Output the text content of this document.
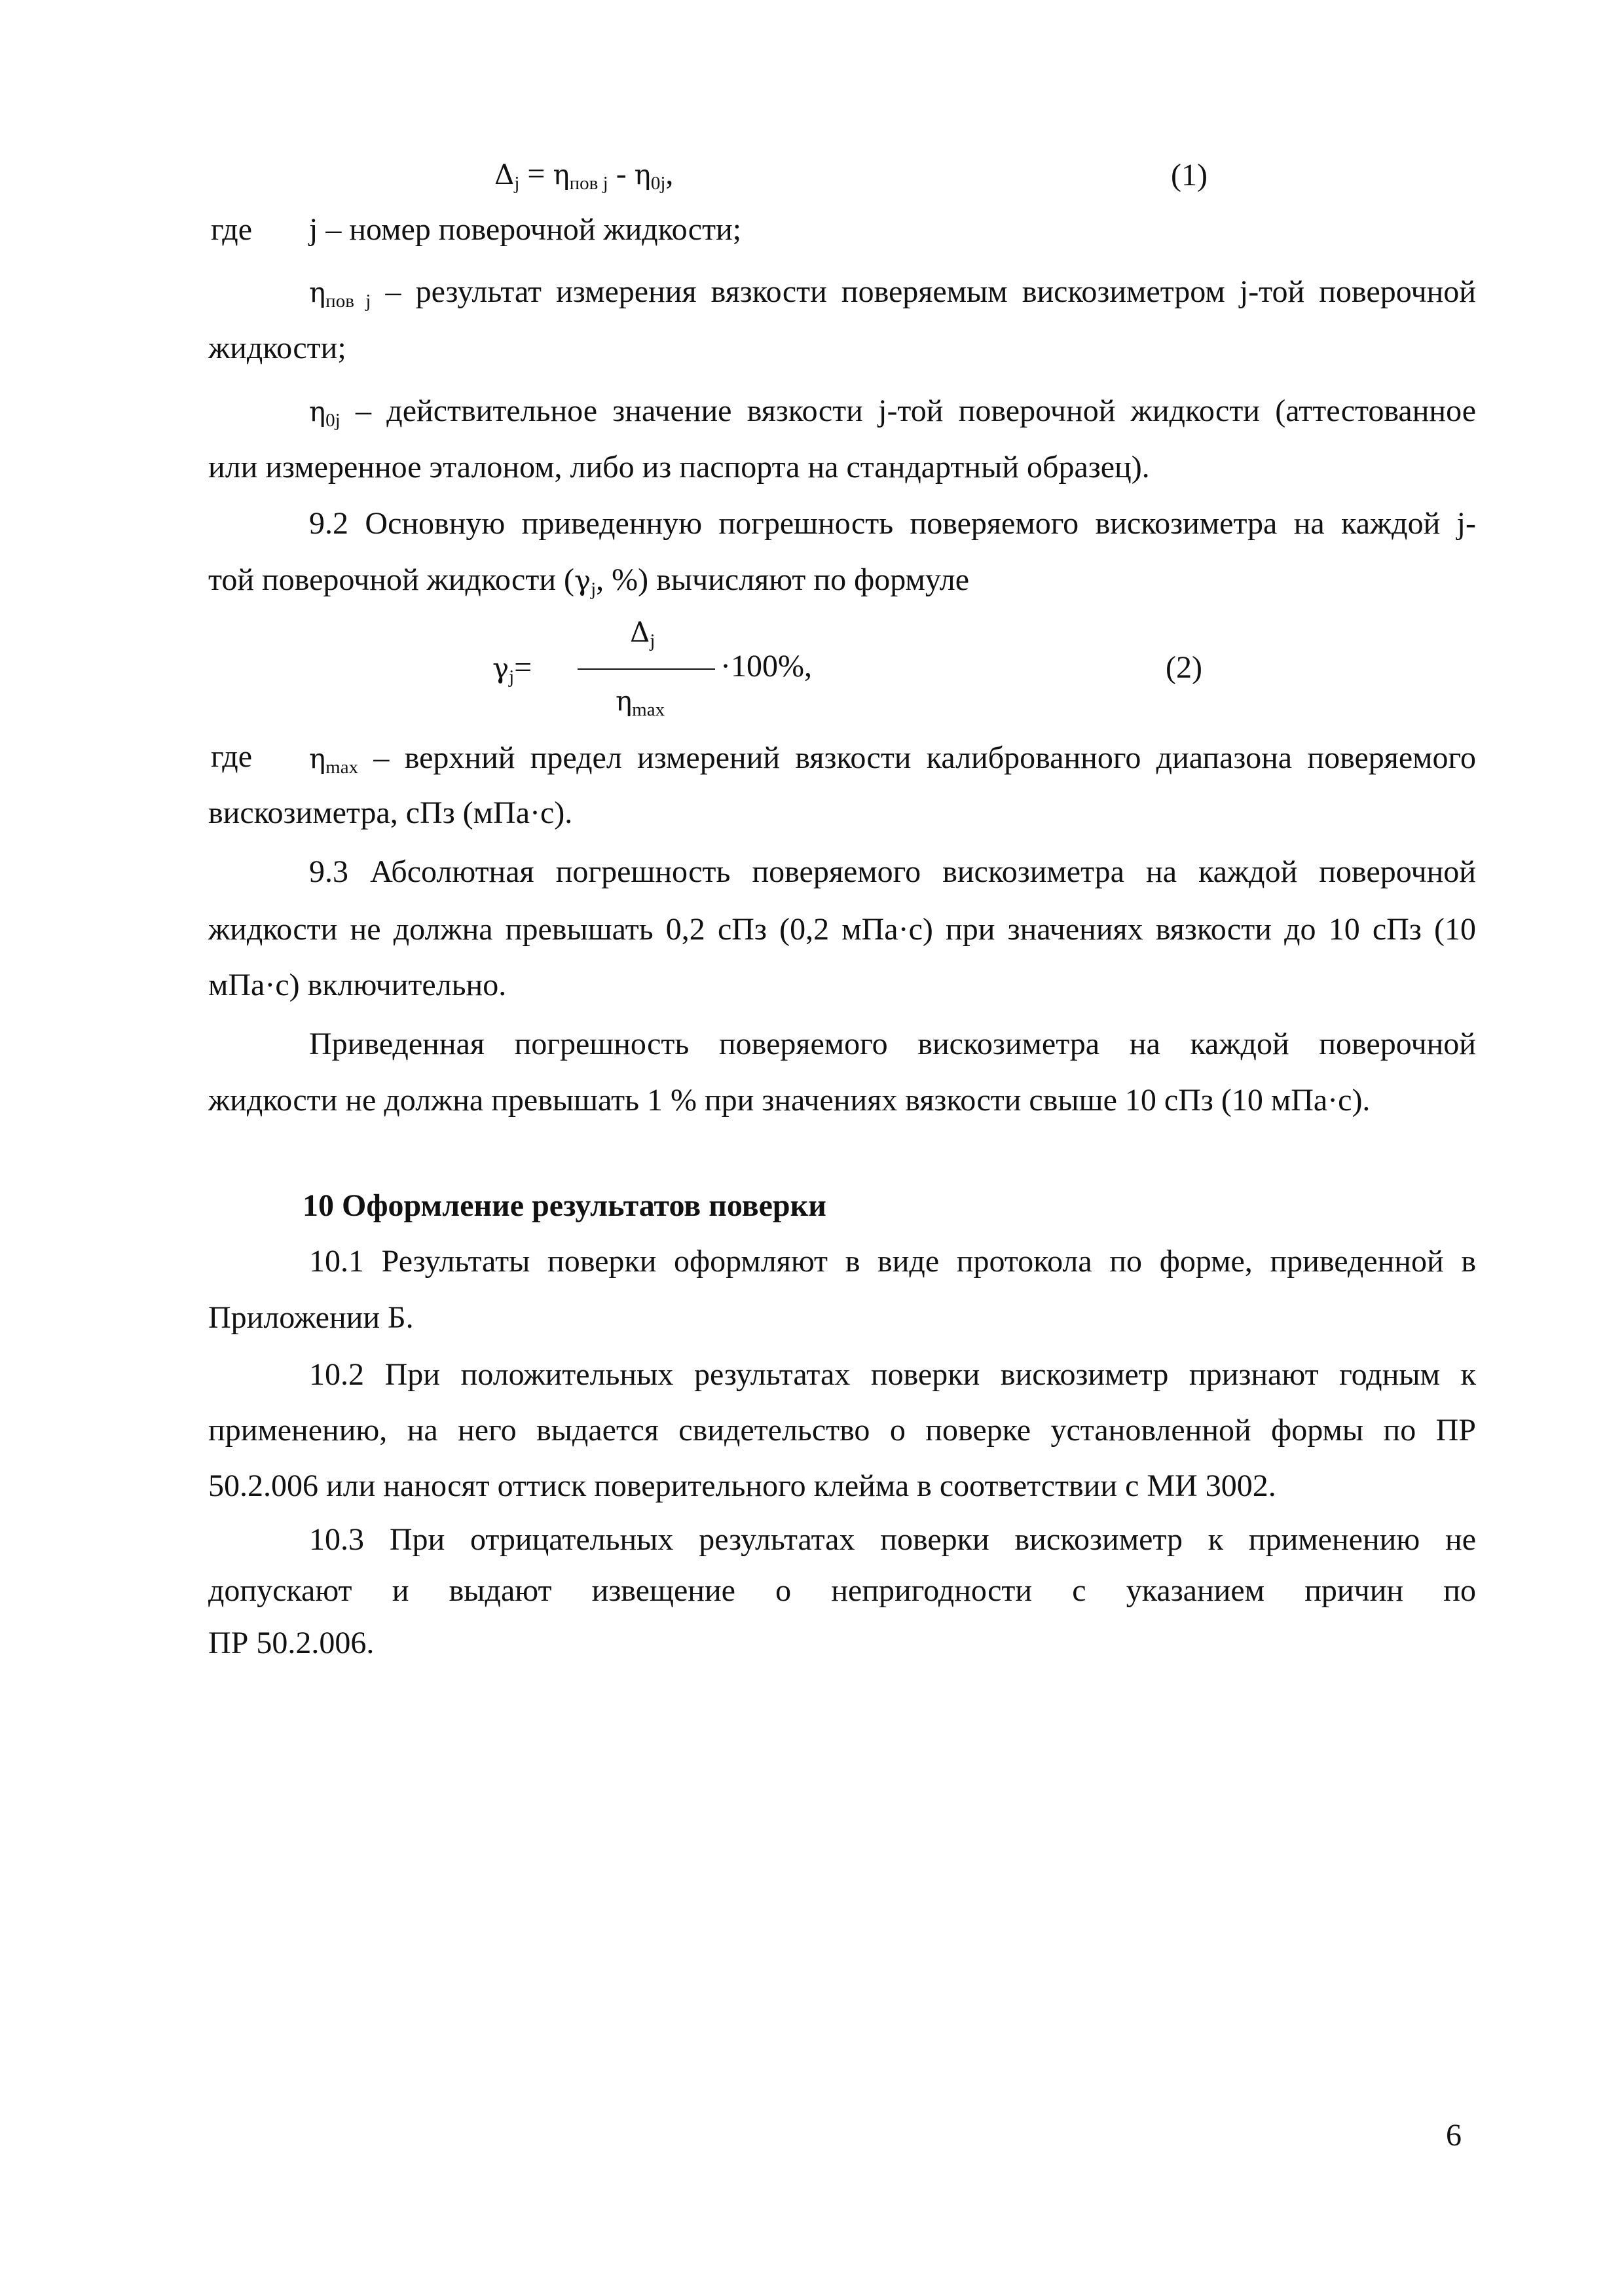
$\Delta_j = \eta_{пов j} - \eta_{0j}$,	(1)
где j – номер поверочной жидкости;
$\eta_{пов j}$ – результат измерения вязкости поверяемым вискозиметром j-той поверочной
жидкости;
$\eta_{0j}$ – действительное значение вязкости j-той поверочной жидкости (аттестованное
или измеренное эталоном, либо из паспорта на стандартный образец).
9.2 Основную приведенную погрешность поверяемого вискозиметра на каждой j-
той поверочной жидкости ($\gamma_j$, %) вычисляют по формуле
$\gamma_j=$
$\Delta_j$
$\eta_{max}$
·100%,	(2)
где $\eta_{max}$ – верхний предел измерений вязкости калиброванного диапазона поверяемого
вискозиметра, сПз (мПа·с).
9.3 Абсолютная погрешность поверяемого вискозиметра на каждой поверочной
жидкости не должна превышать 0,2 сПз (0,2 мПа·с) при значениях вязкости до 10 сПз (10
мПа·с) включительно.
Приведенная погрешность поверяемого вискозиметра на каждой поверочной
жидкости не должна превышать 1 % при значениях вязкости свыше 10 сПз (10 мПа·с).
10 Оформление результатов поверки
10.1 Результаты поверки оформляют в виде протокола по форме, приведенной в
Приложении Б.
10.2 При положительных результатах поверки вискозиметр признают годным к
применению, на него выдается свидетельство о поверке установленной формы по ПР
50.2.006 или наносят оттиск поверительного клейма в соответствии с МИ 3002.
10.3 При отрицательных результатах поверки вискозиметр к применению не
допускают и выдают извещение о непригодности с указанием причин по
ПР 50.2.006.
6
